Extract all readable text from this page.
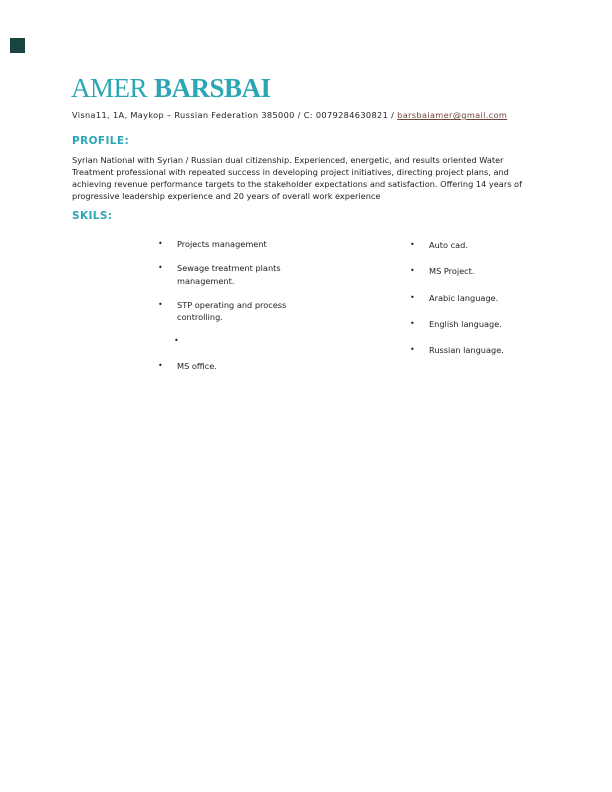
AMER BARSBAI

Visna11, 1A, Maykop – Russian Federation 385000 / C: 0079284630821 / barsbaiamer@gmail.com

PROFILE:

Syrian National with Syrian / Russian dual citizenship. Experienced, energetic, and results oriented Water Treatment professional with repeated success in developing project initiatives, directing project plans, and achieving revenue performance targets to the stakeholder expectations and satisfaction. Offering 14 years of progressive leadership experience and 20 years of overall work experience

SKILS:
•	Projects management
•	Sewage treatment plants management.
•	STP operating and process controlling.
•
•	MS office.
•	Auto cad.
•	MS Project.
•	Arabic language.
•	English language.
•	Russian language.
